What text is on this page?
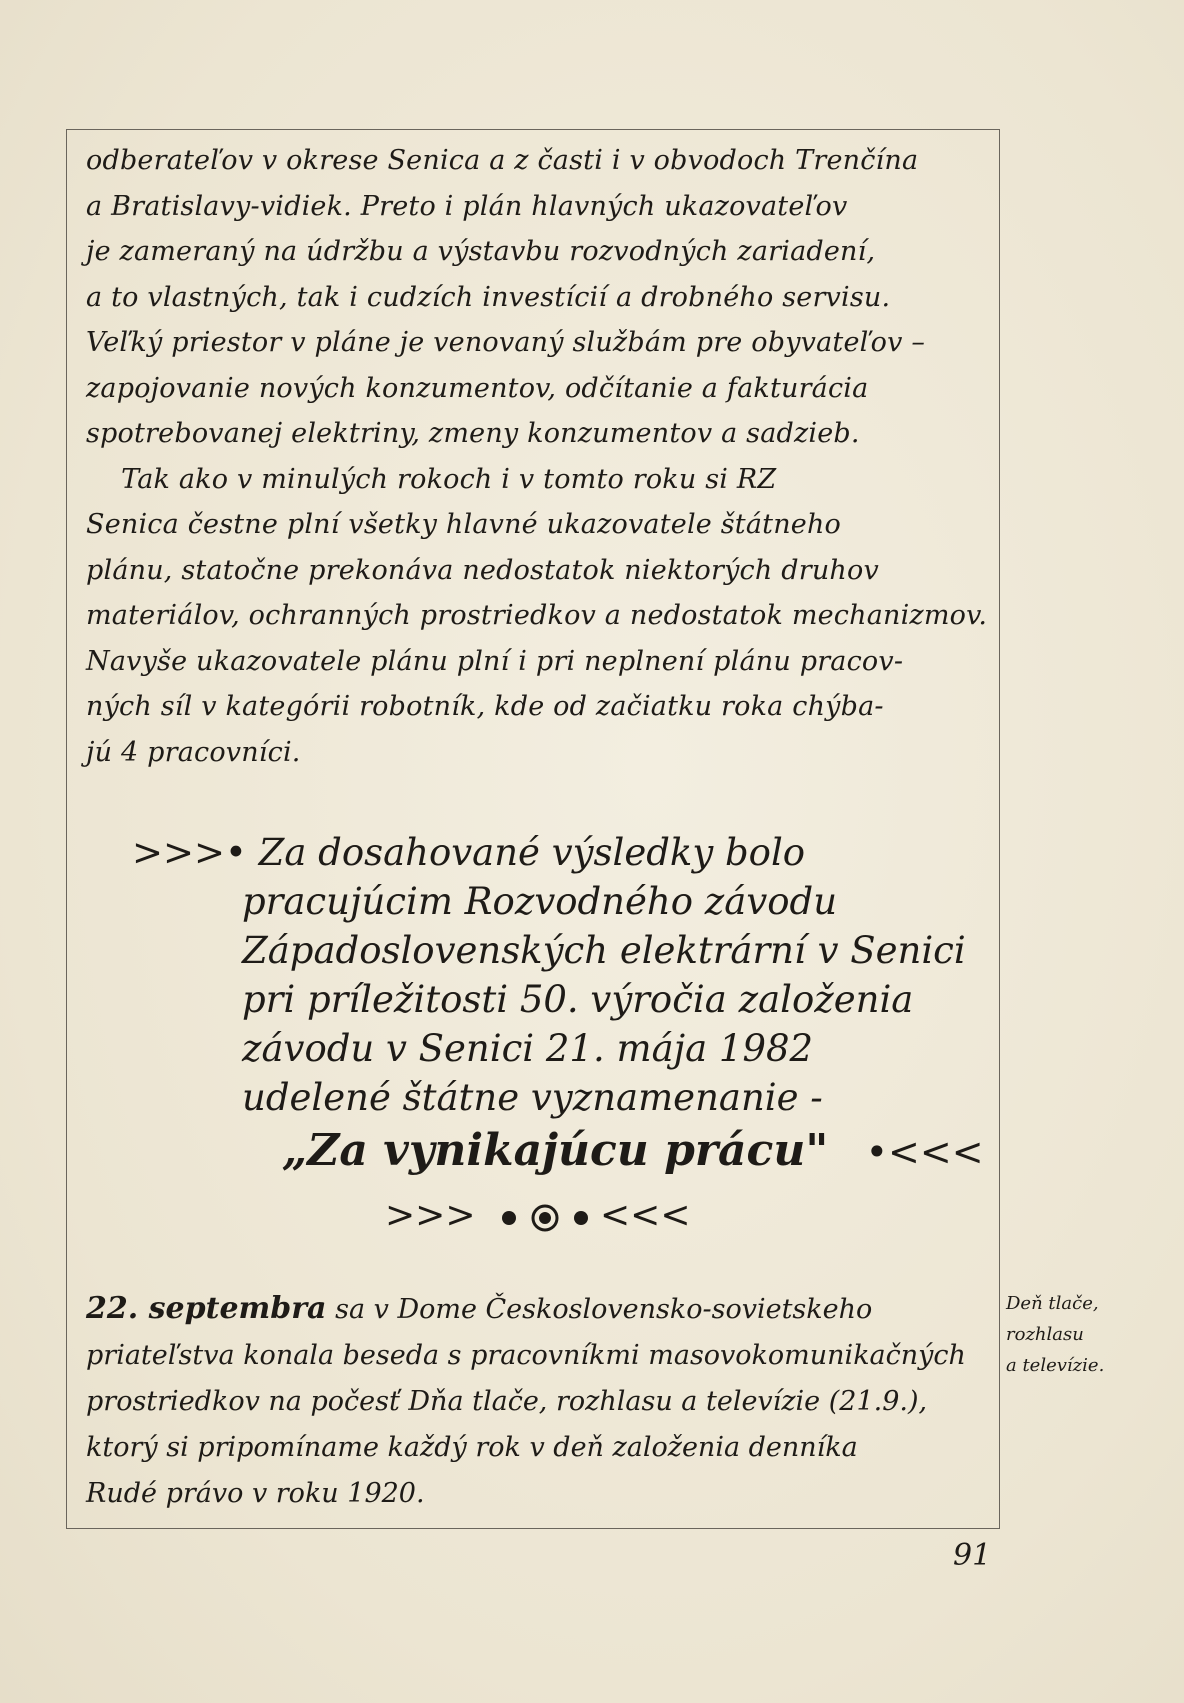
odberateľov v okrese Senica a z časti i v obvodoch Trenčína
a Bratislavy-vidiek. Preto i plán hlavných ukazovateľov
je zameraný na údržbu a výstavbu rozvodných zariadení,
a to vlastných, tak i cudzích investícií a drobného servisu.
Veľký priestor v pláne je venovaný službám pre obyvateľov –
zapojovanie nových konzumentov, odčítanie a fakturácia
spotrebovanej elektriny, zmeny konzumentov a sadzieb.
Tak ako v minulých rokoch i v tomto roku si RZ
Senica čestne plní všetky hlavné ukazovatele štátneho
plánu, statočne prekonáva nedostatok niektorých druhov
materiálov, ochranných prostriedkov a nedostatok mechanizmov.
Navyše ukazovatele plánu plní i pri neplnení plánu pracov-
ných síl v kategórii robotník, kde od začiatku roka chýba-
jú 4 pracovníci.
>>>• Za dosahované výsledky bolo
pracujúcim Rozvodného závodu
Západoslovenských elektrární v Senici
pri príležitosti 50. výročia založenia
závodu v Senici 21. mája 1982
udelené štátne vyznamenanie -
„Za vynikajúcu prácu" •<<<
>>>	<<<
22. septembra sa v Dome Československo-sovietskeho
priateľstva konala beseda s pracovníkmi masovokomunikačných
prostriedkov na počesť Dňa tlače, rozhlasu a televízie (21.9.),
ktorý si pripomíname každý rok v deň založenia denníka
Rudé právo v roku 1920.
Deň tlače,
rozhlasu
a televízie.
91
